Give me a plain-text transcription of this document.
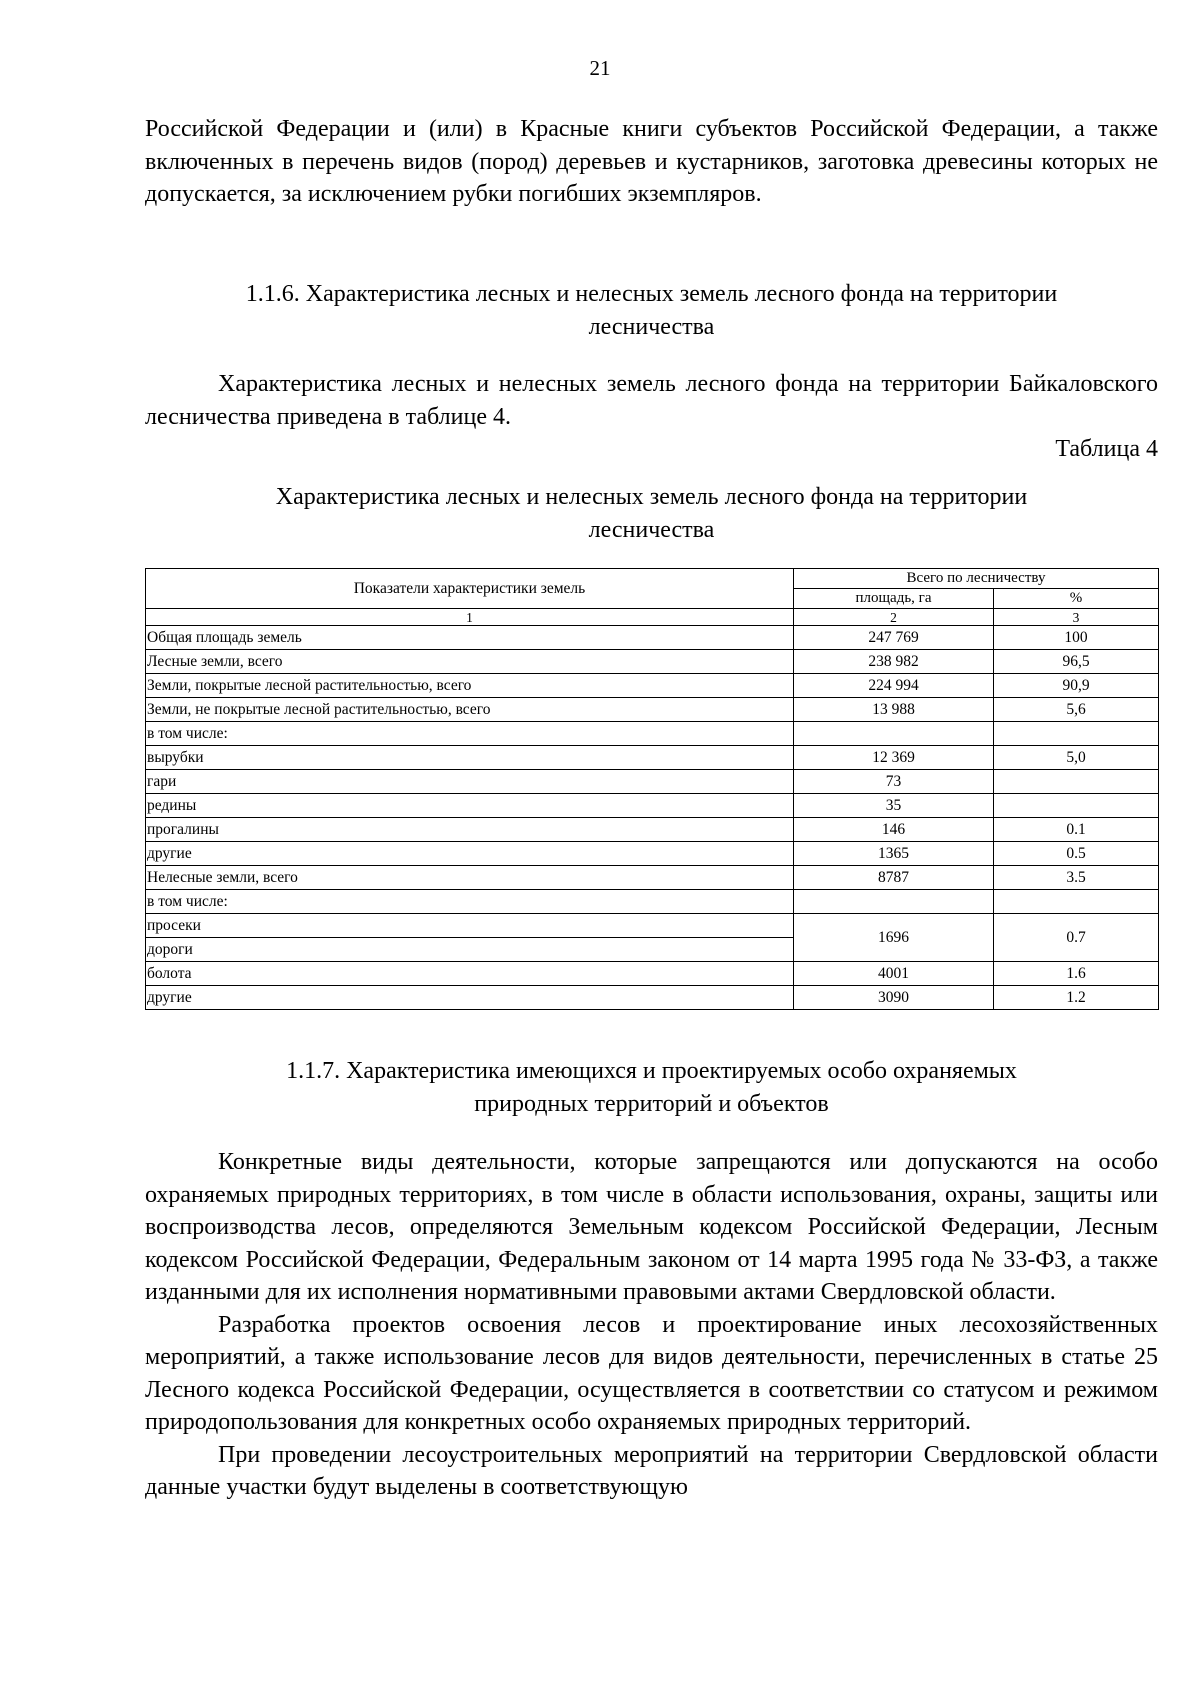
21

Российской Федерации и (или) в Красные книги субъектов Российской Федерации, а также включенных в перечень видов (пород) деревьев и кустарников, заготовка древесины которых не допускается, за исключением рубки погибших экземпляров.

1.1.6. Характеристика лесных и нелесных земель лесного фонда на территории

лесничества

Характеристика лесных и нелесных земель лесного фонда на территории Байкаловского лесничества приведена в таблице 4.

Таблица 4

Характеристика лесных и нелесных земель лесного фонда на территории

лесничества

Показатели характеристики земель	Всего по лесничеству	
	площадь, га	%
1	2	3
Общая площадь земель	247 769	100
Лесные земли, всего	238 982	96,5
Земли, покрытые лесной растительностью, всего	224 994	90,9
Земли, не покрытые лесной растительностью, всего	13 988	5,6
в том числе:		
вырубки	12 369	5,0
гари	73	
редины	35	
прогалины	146	0.1
другие	1365	0.5
Нелесные земли, всего	8787	3.5
в том числе:		
просеки	1696	0.7
дороги		
болота	4001	1.6
другие	3090	1.2

1.1.7. Характеристика имеющихся и проектируемых особо охраняемых

природных территорий и объектов

Конкретные виды деятельности, которые запрещаются или допускаются на особо охраняемых природных территориях, в том числе в области использования, охраны, защиты или воспроизводства лесов, определяются Земельным кодексом Российской Федерации, Лесным кодексом Российской Федерации, Федеральным законом от 14 марта 1995 года № 33-ФЗ, а также изданными для их исполнения нормативными правовыми актами Свердловской области.

Разработка проектов освоения лесов и проектирование иных лесохозяйственных мероприятий, а также использование лесов для видов деятельности, перечисленных в статье 25 Лесного кодекса Российской Федерации, осуществляется в соответствии со статусом и режимом природопользования для конкретных особо охраняемых природных территорий.

При проведении лесоустроительных мероприятий на территории Свердловской области данные участки будут выделены в соответствующую
